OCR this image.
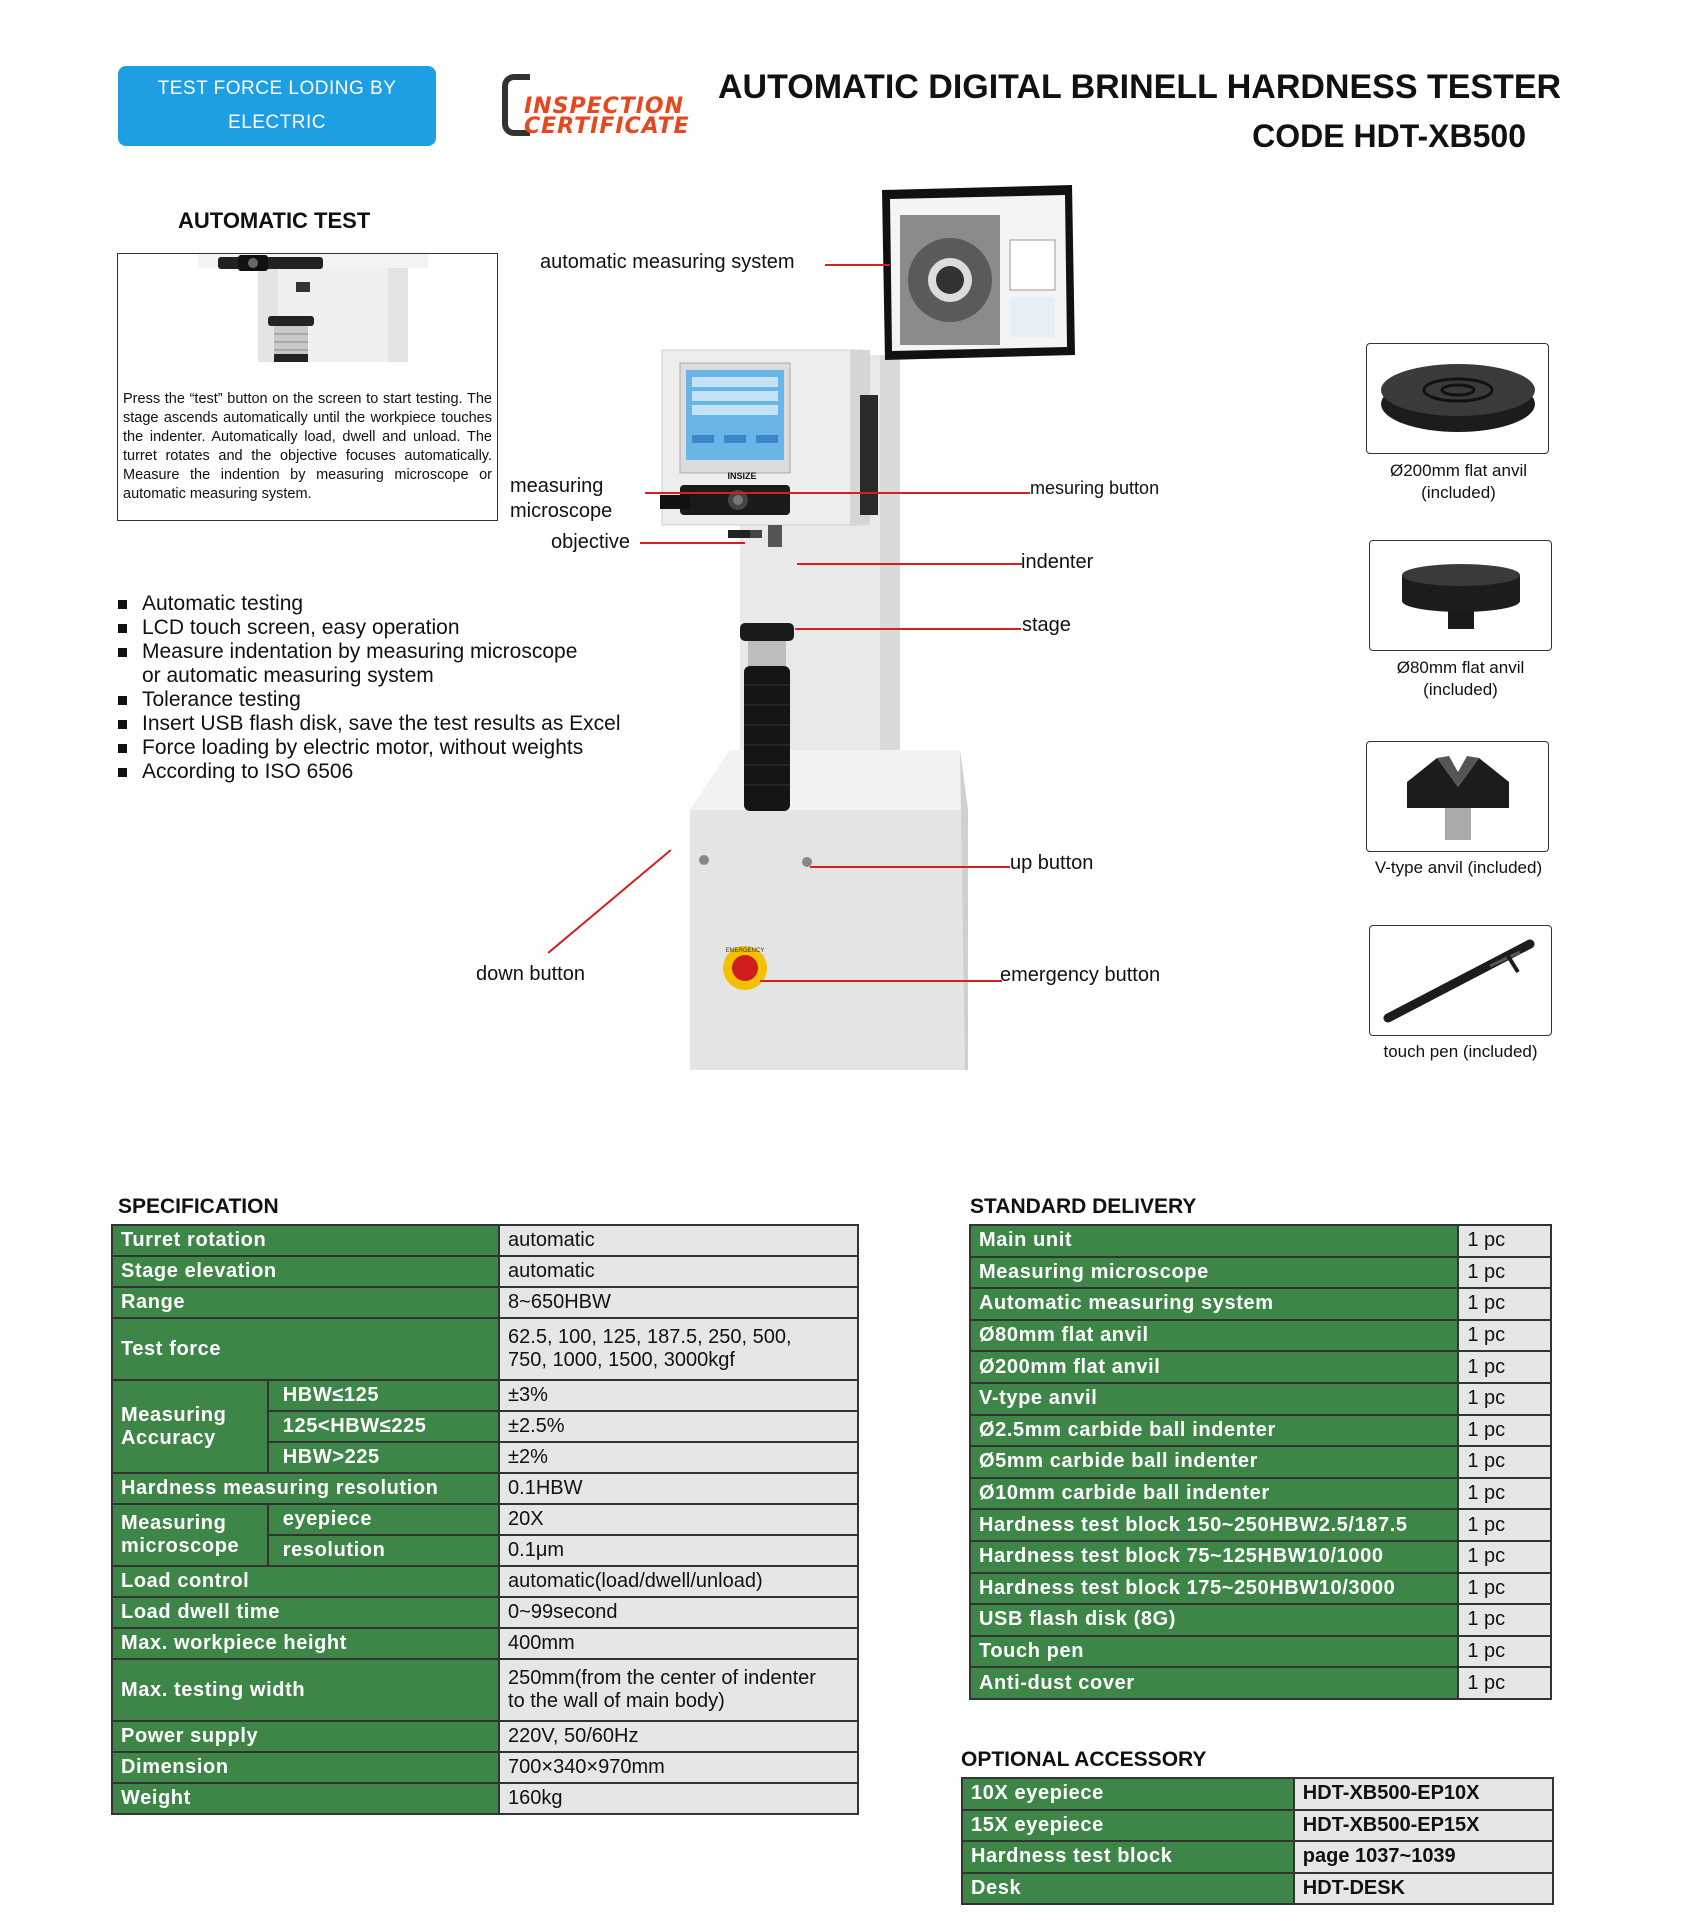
TEST FORCE LODING BY ELECTRIC
MOTOR(WITHOUT WEIGHT)
INSPECTION
CERTIFICATE
AUTOMATIC DIGITAL BRINELL HARDNESS TESTER
CODE HDT-XB500
AUTOMATIC TEST
Press the “test” button on the screen to start testing. The stage ascends automatically until the workpiece touches the indenter. Automatically load, dwell and unload. The turret rotates and the objective focuses automatically. Measure the indention by measuring microscope or automatic measuring system.
Automatic testing
LCD touch screen, easy operation
Measure indentation by measuring microscope
or automatic measuring system
Tolerance testing
Insert USB flash disk, save the test results as Excel
Force loading by electric motor, without weights
According to ISO 6506
INSIZE
EMERGENCY
automatic measuring system
measuring
microscope
objective
mesuring button
indenter
stage
up button
down button	emergency button
Ø200mm flat anvil
(included)
Ø80mm flat anvil
(included)
V-type anvil (included)
touch pen (included)
SPECIFICATION
Turret rotation		automatic
Stage elevation		automatic
Range		8~650HBW
Test force		62.5, 100, 125, 187.5, 250, 500,
750, 1000, 1500, 3000kgf

Measuring
Accuracy	HBW≤125	±3%
	125<HBW≤225	±2.5%
	HBW>225	±2%
Hardness measuring resolution		0.1HBW

Measuring
microscope	eyepiece	20X
	resolution	0.1μm
Load control		automatic(load/dwell/unload)
Load dwell time		0~99second
Max. workpiece height		400mm
Max. testing width		250mm(from the center of indenter
to the wall of main body)

Power supply		220V, 50/60Hz
Dimension		700×340×970mm
Weight		160kg
STANDARD DELIVERY
Main unit	1 pc
Measuring microscope	1 pc
Automatic measuring system	1 pc
Ø80mm flat anvil	1 pc
Ø200mm flat anvil	1 pc
V-type anvil	1 pc
Ø2.5mm carbide ball indenter	1 pc
Ø5mm carbide ball indenter	1 pc
Ø10mm carbide ball indenter	1 pc
Hardness test block 150~250HBW2.5/187.5	1 pc
Hardness test block 75~125HBW10/1000	1 pc
Hardness test block 175~250HBW10/3000	1 pc
USB flash disk (8G)	1 pc
Touch pen	1 pc
Anti-dust cover	1 pc
OPTIONAL ACCESSORY
10X eyepiece	HDT-XB500-EP10X
15X eyepiece	HDT-XB500-EP15X
Hardness test block	page 1037~1039
Desk	HDT-DESK
